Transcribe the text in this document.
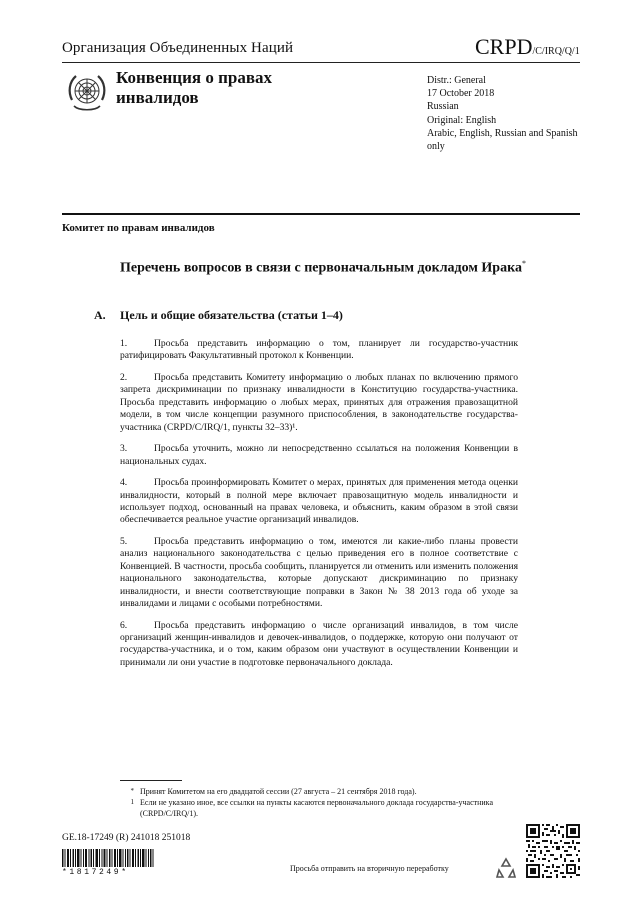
Организация Объединенных Наций	CRPD/C/IRQ/Q/1
Конвенция о правах инвалидов
Distr.: General
17 October 2018
Russian
Original: English
Arabic, English, Russian and Spanish only
Комитет по правам инвалидов
Перечень вопросов в связи с первоначальным докладом Ирака*
A. Цель и общие обязательства (статьи 1–4)

1.	Просьба представить информацию о том, планирует ли государство-участник ратифицировать Факультативный протокол к Конвенции.

2.	Просьба представить Комитету информацию о любых планах по включению прямого запрета дискриминации по признаку инвалидности в Конституцию государства-участника. Просьба представить информацию о любых мерах, принятых для отражения правозащитной модели, в том числе концепции разумного приспособления, в законодательстве государства-участника (CRPD/C/IRQ/1, пункты 32–33)¹.

3.	Просьба уточнить, можно ли непосредственно ссылаться на положения Конвенции в национальных судах.

4.	Просьба проинформировать Комитет о мерах, принятых для применения метода оценки инвалидности, который в полной мере включает правозащитную модель инвалидности и использует подход, основанный на правах человека, и объяснить, каким образом в этой связи обеспечивается реальное участие организаций инвалидов.

5.	Просьба представить информацию о том, имеются ли какие-либо планы провести анализ национального законодательства с целью приведения его в полное соответствие с Конвенцией. В частности, просьба сообщить, планируется ли отменить или изменить положения национального законодательства, которые допускают дискриминацию по признаку инвалидности, и внести соответствующие поправки в Закон № 38 2013 года об уходе за инвалидами и лицами с особыми потребностями.

6.	Просьба представить информацию о числе организаций инвалидов, в том числе организаций женщин-инвалидов и девочек-инвалидов, о поддержке, которую они получают от государства-участника, и о том, каким образом они участвуют в осуществлении Конвенции и принимали ли они участие в подготовке первоначального доклада.

* Принят Комитетом на его двадцатой сессии (27 августа – 21 сентября 2018 года).
1 Если не указано иное, все ссылки на пункты касаются первоначального доклада государства-участника (CRPD/C/IRQ/1).
GE.18-17249 (R) 241018 251018
*1817249*	Просьба отправить на вторичную переработку
